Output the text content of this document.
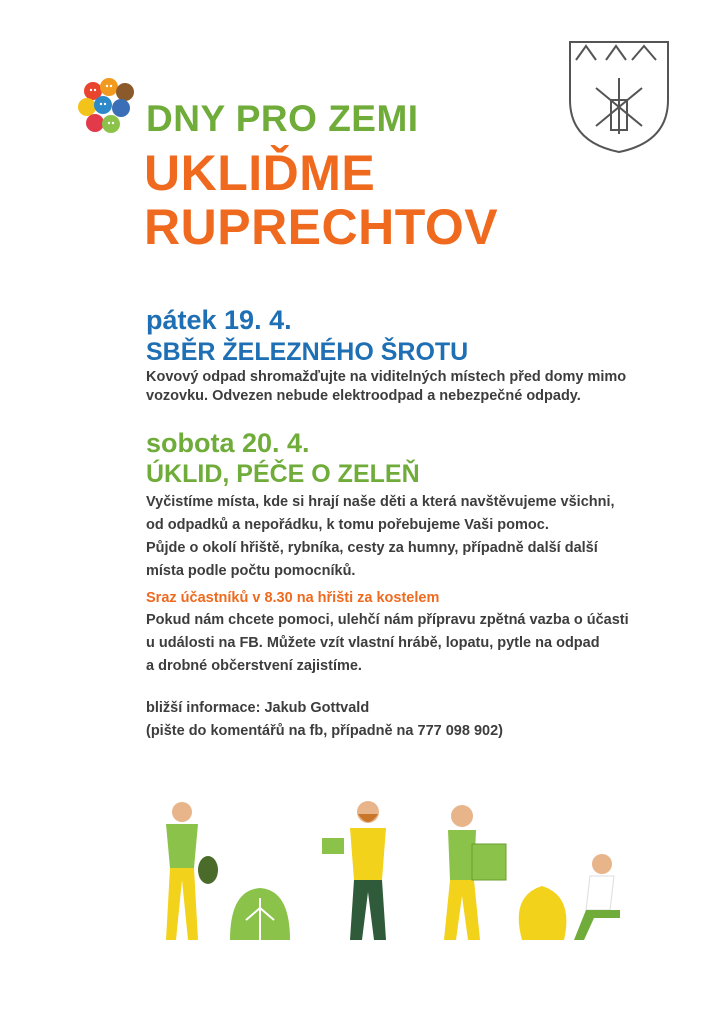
DNY PRO ZEMI
UKLIĎME
RUPRECHTOV
pátek 19. 4.
SBĚR ŽELEZNÉHO ŠROTU
Kovový odpad shromažďujte na viditelných místech před domy mimo
vozovku. Odvezen nebude elektroodpad a nebezpečné odpady.
sobota 20. 4.
ÚKLID, PÉČE O ZELEŇ
Vyčistíme místa, kde si hrají naše děti a která navštěvujeme všichni,
od odpadků a nepořádku, k tomu pořebujeme Vaši pomoc.
Půjde o okolí hřiště, rybníka, cesty za humny, případně další další
místa podle počtu pomocníků.
Sraz účastníků v 8.30 na hřišti za kostelem
Pokud nám chcete pomoci, ulehčí nám přípravu zpětná vazba o účasti
u události na FB. Můžete vzít vlastní hrábě, lopatu, pytle na odpad
a drobné občerstvení zajistíme.
bližší informace: Jakub Gottvald
(pište do komentářů na fb, případně na 777 098 902)
